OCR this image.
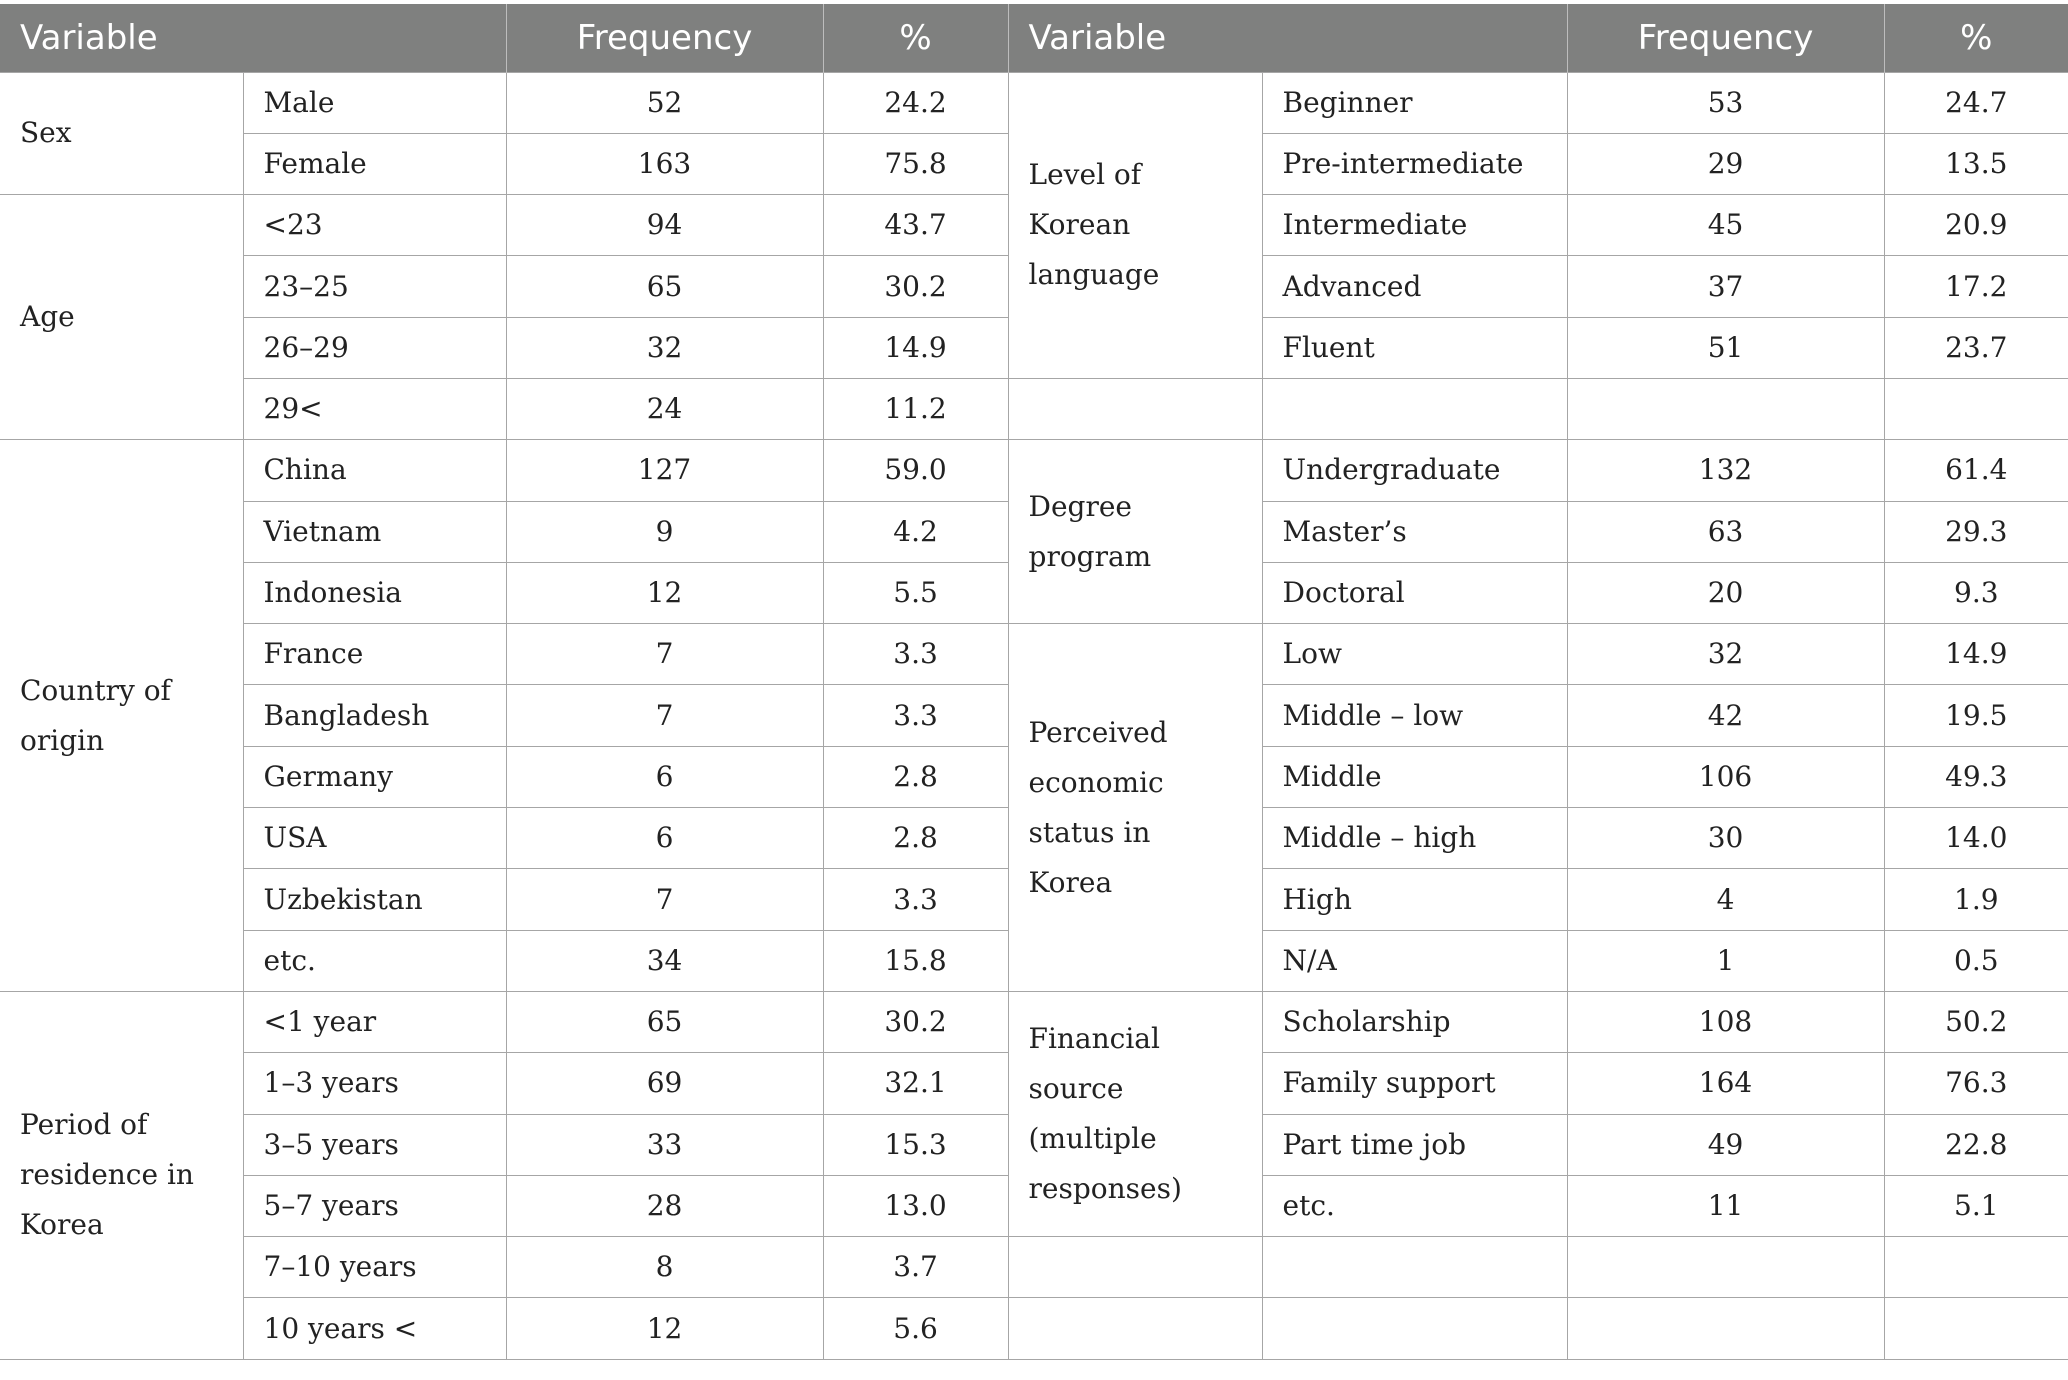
Variable		Frequency	%	Variable		Frequency	%
Sex	Male	52	24.2	Level of Korean language	Beginner	53	24.7
	Female	163	75.8		Pre-intermediate	29	13.5
Age	<23	94	43.7		Intermediate	45	20.9
	23–25	65	30.2		Advanced	37	17.2
	26–29	32	14.9		Fluent	51	23.7
	29<	24	11.2				
Country of origin	China	127	59.0	Degree program	Undergraduate	132	61.4
	Vietnam	9	4.2		Master’s	63	29.3
	Indonesia	12	5.5		Doctoral	20	9.3
	France	7	3.3	Perceived economic status in Korea	Low	32	14.9
	Bangladesh	7	3.3		Middle – low	42	19.5
	Germany	6	2.8		Middle	106	49.3
	USA	6	2.8		Middle – high	30	14.0
	Uzbekistan	7	3.3		High	4	1.9
	etc.	34	15.8		N/A	1	0.5
Period of residence in Korea	<1 year	65	30.2	Financial source (multiple responses)	Scholarship	108	50.2
	1–3 years	69	32.1		Family support	164	76.3
	3–5 years	33	15.3		Part time job	49	22.8
	5–7 years	28	13.0		etc.	11	5.1
	7–10 years	8	3.7				
	10 years <	12	5.6				
